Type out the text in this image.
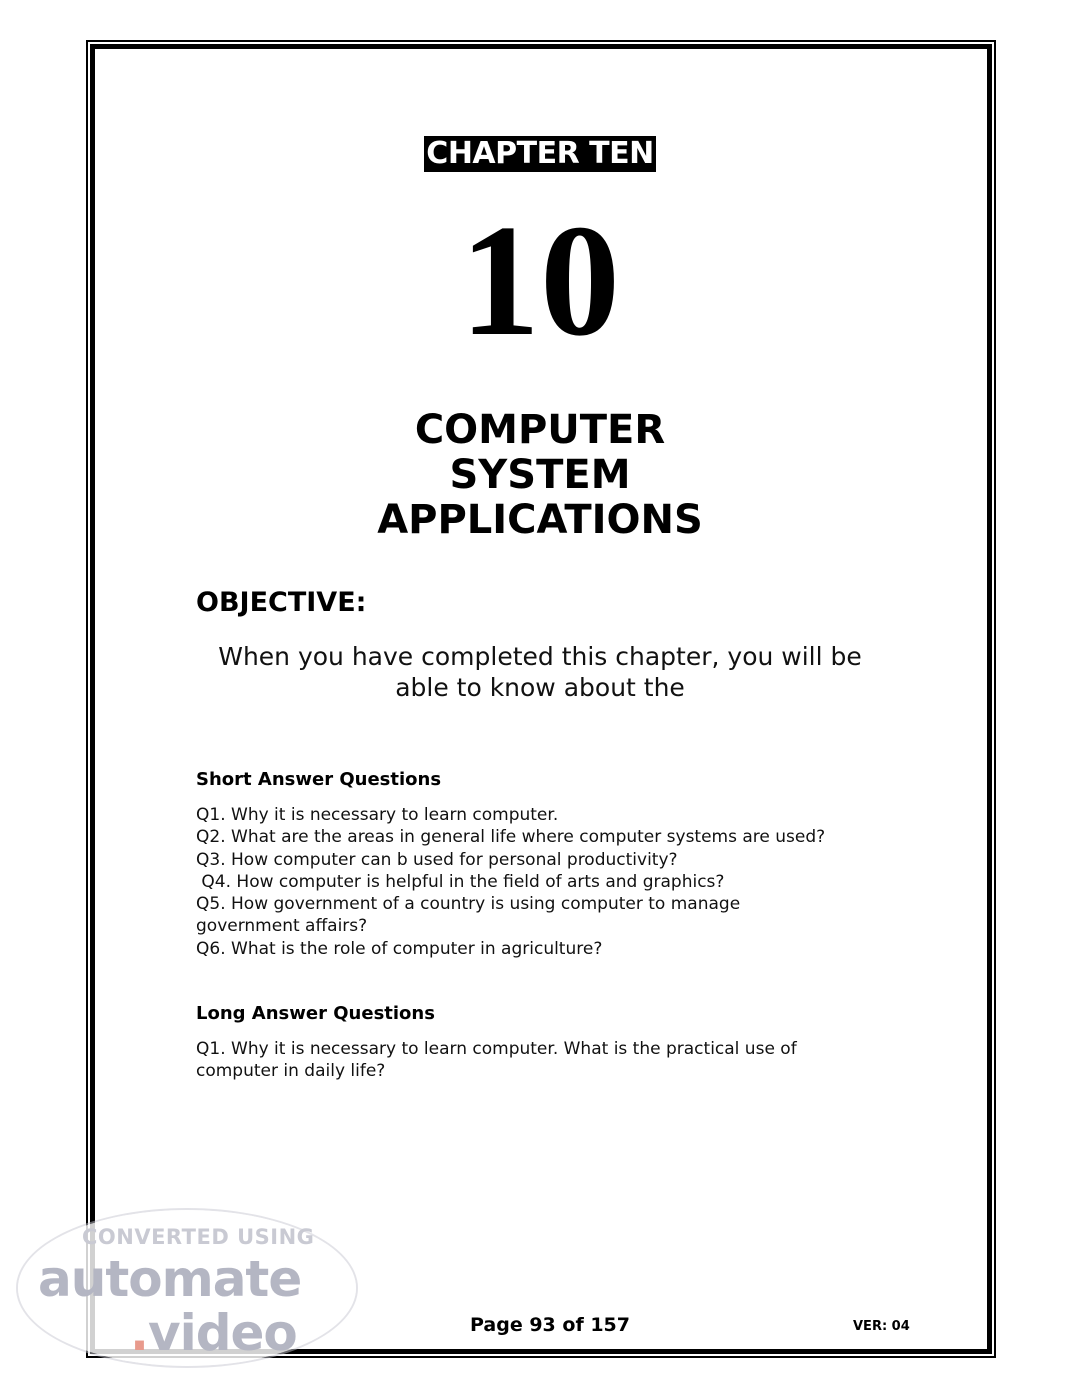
CHAPTER TEN
10
COMPUTER
SYSTEM
APPLICATIONS
OBJECTIVE:
When you have completed this chapter, you will be
able to know about the
Short Answer Questions
Q1. Why it is necessary to learn computer.
Q2. What are the areas in general life where computer systems are used?
Q3. How computer can b used for personal productivity?
Q4. How computer is helpful in the field of arts and graphics?
Q5. How government of a country is using computer to manage
government affairs?
Q6. What is the role of computer in agriculture?
Long Answer Questions
Q1. Why it is necessary to learn computer. What is the practical use of
computer in daily life?
Page 93 of 157	VER: 04
CONVERTED USING
automate
.video
